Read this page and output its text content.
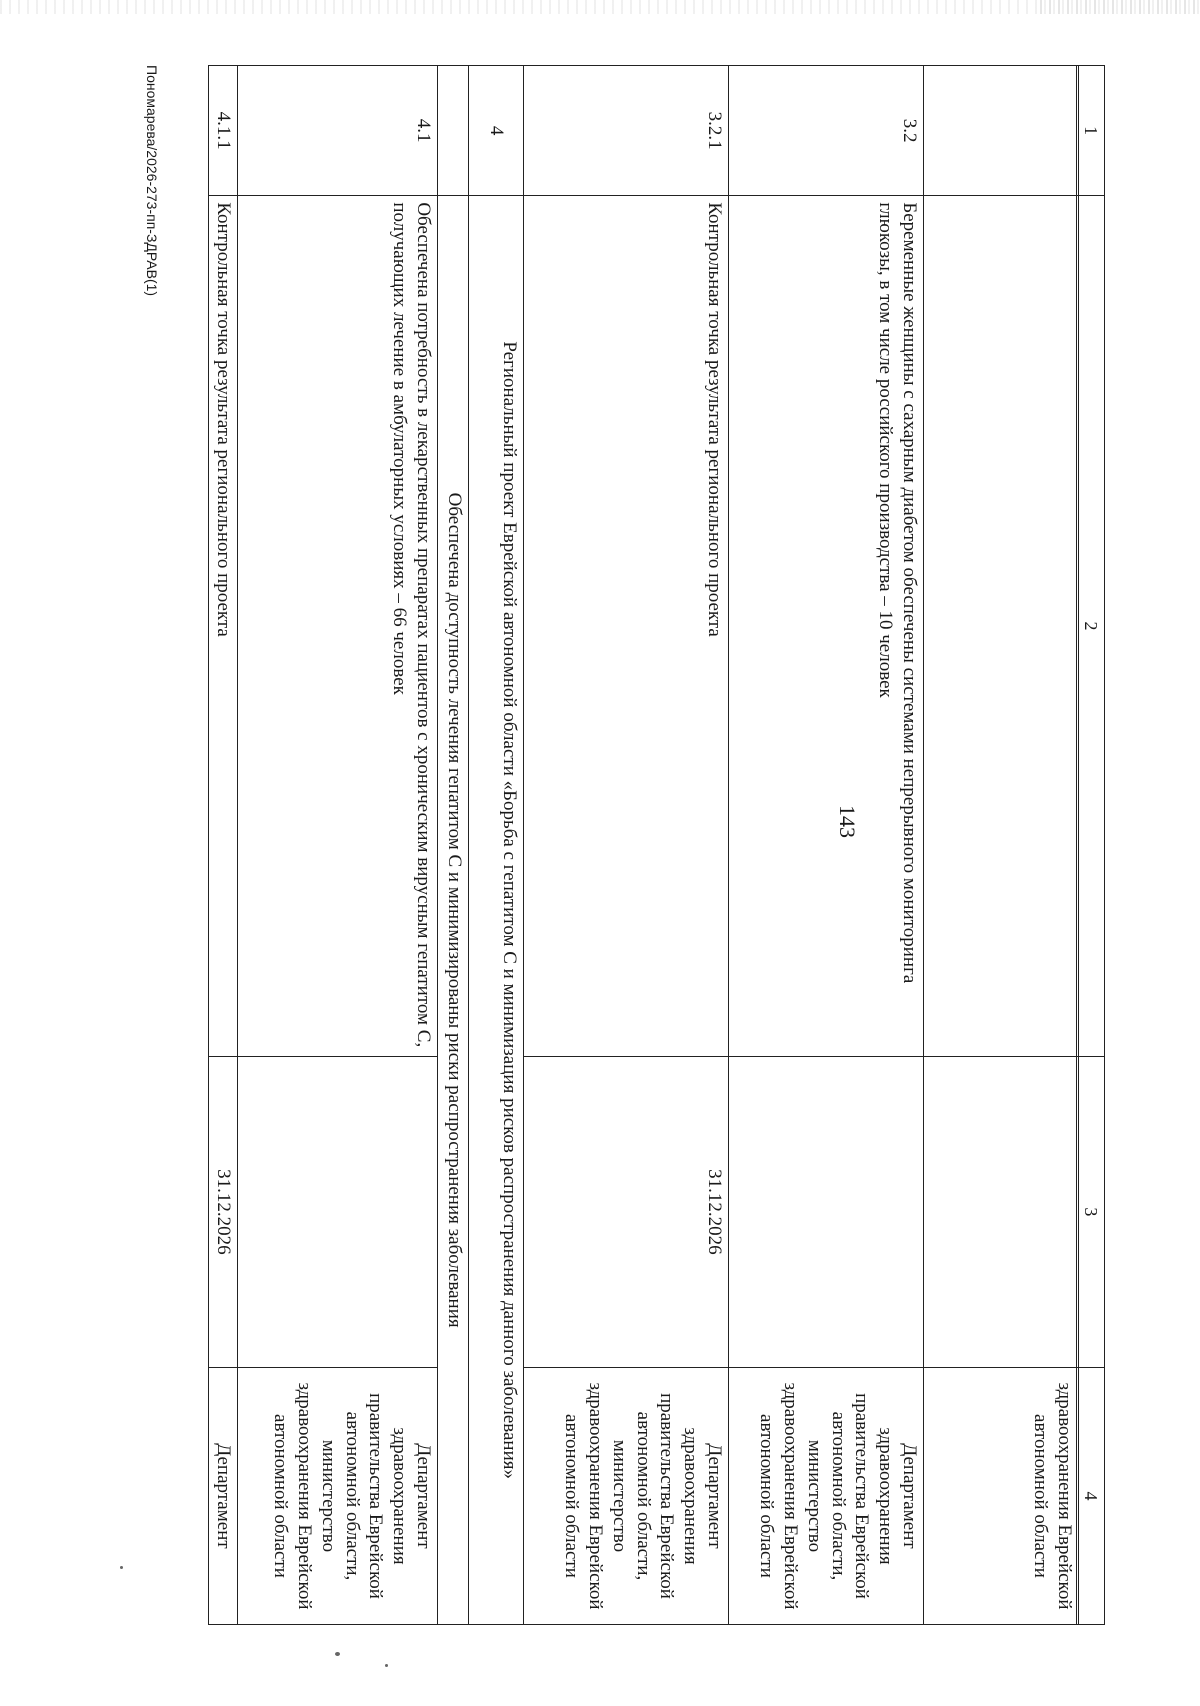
143
1	2	3	4
			здравоохранения Еврейской автономной области
3.2	Беременные женщины с сахарным диабетом обеспечены системами непрерывного мониторинга глюкозы, в том числе российского производства – 10 человек		Департамент здравоохранения правительства Еврейской автономной области, министерство здравоохранения Еврейской автономной области
3.2.1	Контрольная точка результата регионального проекта	31.12.2026	Департамент здравоохранения правительства Еврейской автономной области, министерство здравоохранения Еврейской автономной области
4	Региональный проект Еврейской автономной области «Борьба с гепатитом С и минимизация рисков распространения данного заболевания»		
	Обеспечена доступность лечения гепатитом С и минимизированы риски распространения заболевания		
4.1	Обеспечена потребность в лекарственных препаратах пациентов с хроническим вирусным гепатитом С, получающих лечение в амбулаторных условиях – 66 человек		Департамент здравоохранения правительства Еврейской автономной области, министерство здравоохранения Еврейской автономной области
4.1.1	Контрольная точка результата регионального проекта	31.12.2026	Департамент
Пономарева/2026-273-пп-ЗДРАВ(1)
